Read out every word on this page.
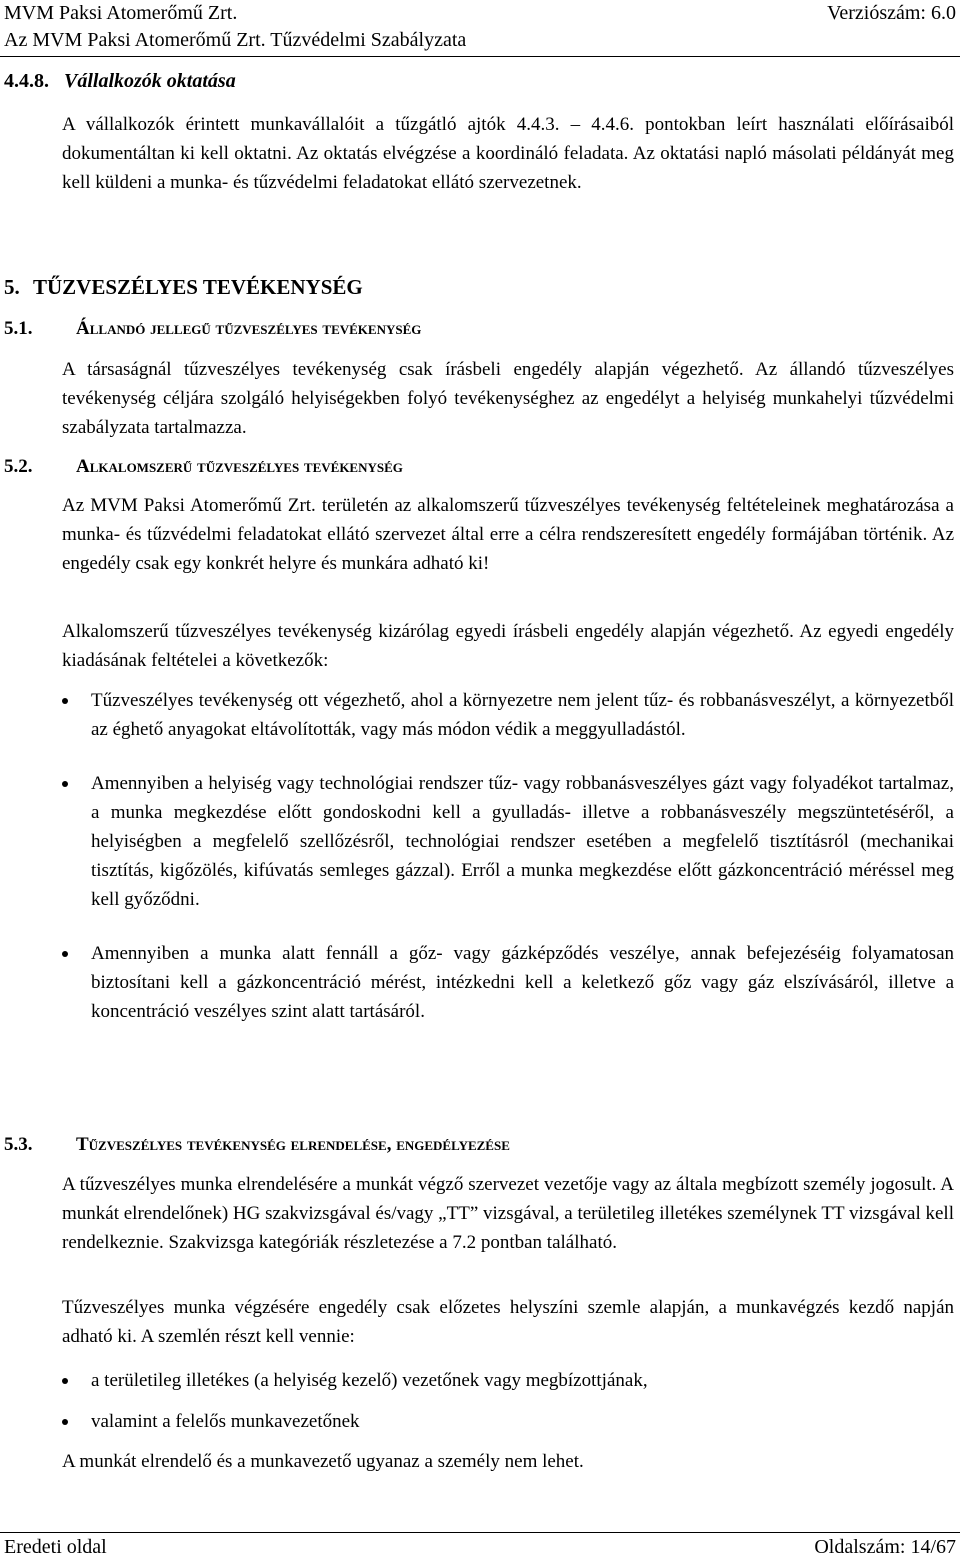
MVM Paksi Atomerőmű Zrt.	Verziószám: 6.0
Az MVM Paksi Atomerőmű Zrt. Tűzvédelmi Szabályzata
4.4.8. Vállalkozók oktatása

A vállalkozók érintett munkavállalóit a tűzgátló ajtók 4.4.3. – 4.4.6. pontokban leírt használati előírásaiból dokumentáltan ki kell oktatni. Az oktatás elvégzése a koordináló feladata. Az oktatási napló másolati példányát meg kell küldeni a munka- és tűzvédelmi feladatokat ellátó szervezetnek.

5. TŰZVESZÉLYES TEVÉKENYSÉG
5.1. Állandó jellegű tűzveszélyes tevékenység

A társaságnál tűzveszélyes tevékenység csak írásbeli engedély alapján végezhető. Az állandó tűzveszélyes tevékenység céljára szolgáló helyiségekben folyó tevékenységhez az engedélyt a helyiség munkahelyi tűzvédelmi szabályzata tartalmazza.

5.2. Alkalomszerű tűzveszélyes tevékenység

Az MVM Paksi Atomerőmű Zrt. területén az alkalomszerű tűzveszélyes tevékenység feltételeinek meghatározása a munka- és tűzvédelmi feladatokat ellátó szervezet által erre a célra rendszeresített engedély formájában történik. Az engedély csak egy konkrét helyre és munkára adható ki!

Alkalomszerű tűzveszélyes tevékenység kizárólag egyedi írásbeli engedély alapján végezhető. Az egyedi engedély kiadásának feltételei a következők:

Tűzveszélyes tevékenység ott végezhető, ahol a környezetre nem jelent tűz- és robbanásveszélyt, a környezetből az éghető anyagokat eltávolították, vagy más módon védik a meggyulladástól.
Amennyiben a helyiség vagy technológiai rendszer tűz- vagy robbanásveszélyes gázt vagy folyadékot tartalmaz, a munka megkezdése előtt gondoskodni kell a gyulladás- illetve a robbanásveszély megszüntetéséről, a helyiségben a megfelelő szellőzésről, technológiai rendszer esetében a megfelelő tisztításról (mechanikai tisztítás, kigőzölés, kifúvatás semleges gázzal). Erről a munka megkezdése előtt gázkoncentráció méréssel meg kell győződni.
Amennyiben a munka alatt fennáll a gőz- vagy gázképződés veszélye, annak befejezéséig folyamatosan biztosítani kell a gázkoncentráció mérést, intézkedni kell a keletkező gőz vagy gáz elszívásáról, illetve a koncentráció veszélyes szint alatt tartásáról.
5.3. Tűzveszélyes tevékenység elrendelése, engedélyezése

A tűzveszélyes munka elrendelésére a munkát végző szervezet vezetője vagy az általa megbízott személy jogosult. A munkát elrendelőnek) HG szakvizsgával és/vagy „TT” vizsgával, a területileg illetékes személynek TT vizsgával kell rendelkeznie. Szakvizsga kategóriák részletezése a 7.2 pontban található.

Tűzveszélyes munka végzésére engedély csak előzetes helyszíni szemle alapján, a munkavégzés kezdő napján adható ki. A szemlén részt kell vennie:

a területileg illetékes (a helyiség kezelő) vezetőnek vagy megbízottjának,
valamint a felelős munkavezetőnek

A munkát elrendelő és a munkavezető ugyanaz a személy nem lehet.

Eredeti oldal	Oldalszám: 14/67
